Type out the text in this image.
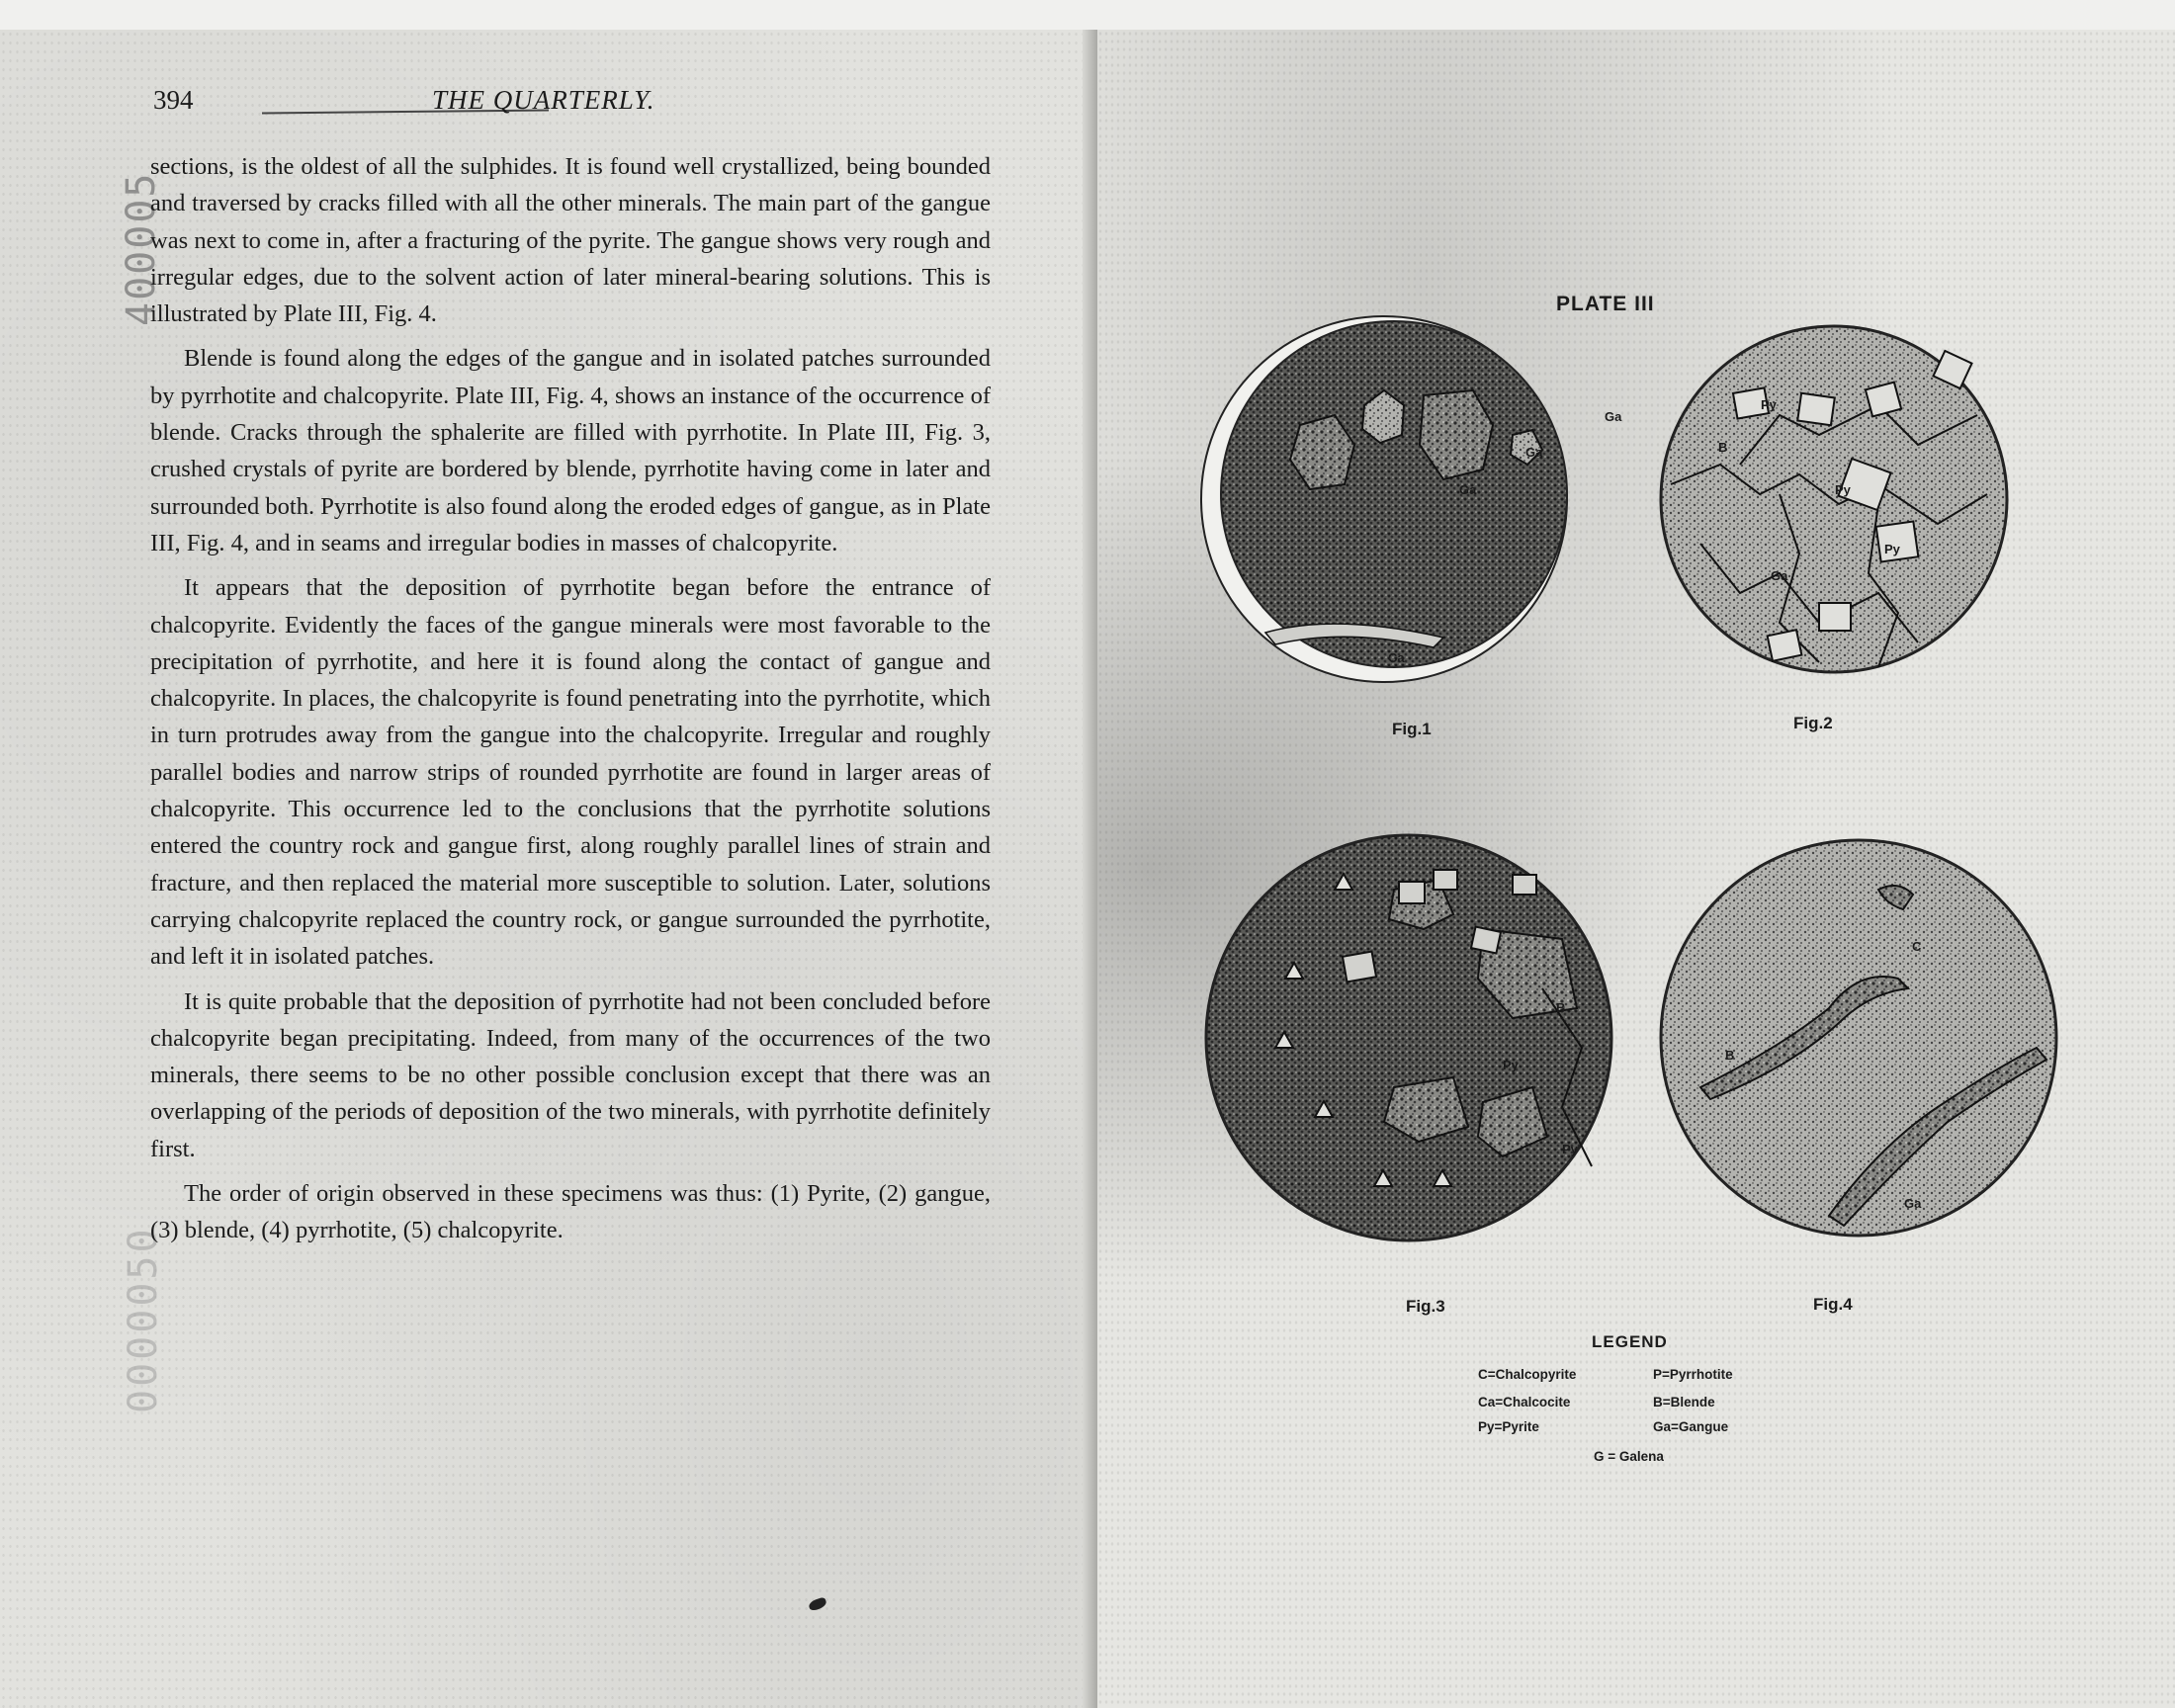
394	THE QUARTERLY.
400005
0000050

sections, is the oldest of all the sulphides. It is found well crystallized, being bounded and traversed by cracks filled with all the other minerals. The main part of the gangue was next to come in, after a fracturing of the pyrite. The gangue shows very rough and irregular edges, due to the solvent action of later mineral-bearing solutions. This is illustrated by Plate III, Fig. 4.

Blende is found along the edges of the gangue and in isolated patches surrounded by pyrrhotite and chalcopyrite. Plate III, Fig. 4, shows an instance of the occurrence of blende. Cracks through the sphalerite are filled with pyrrhotite. In Plate III, Fig. 3, crushed crystals of pyrite are bordered by blende, pyrrhotite having come in later and surrounded both. Pyrrhotite is also found along the eroded edges of gangue, as in Plate III, Fig. 4, and in seams and irregular bodies in masses of chalcopyrite.

It appears that the deposition of pyrrhotite began before the entrance of chalcopyrite. Evidently the faces of the gangue minerals were most favorable to the precipitation of pyrrhotite, and here it is found along the contact of gangue and chalcopyrite. In places, the chalcopyrite is found penetrating into the pyrrhotite, which in turn protrudes away from the gangue into the chalcopyrite. Irregular and roughly parallel bodies and narrow strips of rounded pyrrhotite are found in larger areas of chalcopyrite. This occurrence led to the conclusions that the pyrrhotite solutions entered the country rock and gangue first, along roughly parallel lines of strain and fracture, and then replaced the material more susceptible to solution. Later, solutions carrying chalcopyrite replaced the country rock, or gangue surrounded the pyrrhotite, and left it in isolated patches.

It is quite probable that the deposition of pyrrhotite had not been concluded before chalcopyrite began precipitating. Indeed, from many of the occurrences of the two minerals, there seems to be no other possible conclusion except that there was an overlapping of the periods of deposition of the two minerals, with pyrrhotite definitely first.

The order of origin observed in these specimens was thus: (1) Pyrite, (2) gangue, (3) blende, (4) pyrrhotite, (5) chalcopyrite.

PLATE III
Ga
Ga
Ga
Ca
Py
Py
Py
B
Ga
Py
Py
B
C
B
Ga
Fig.1	Fig.2
Fig.3	Fig.4
LEGEND
C=Chalcopyrite	P=Pyrrhotite
Ca=Chalcocite	B=Blende
Py=Pyrite	Ga=Gangue
G = Galena
